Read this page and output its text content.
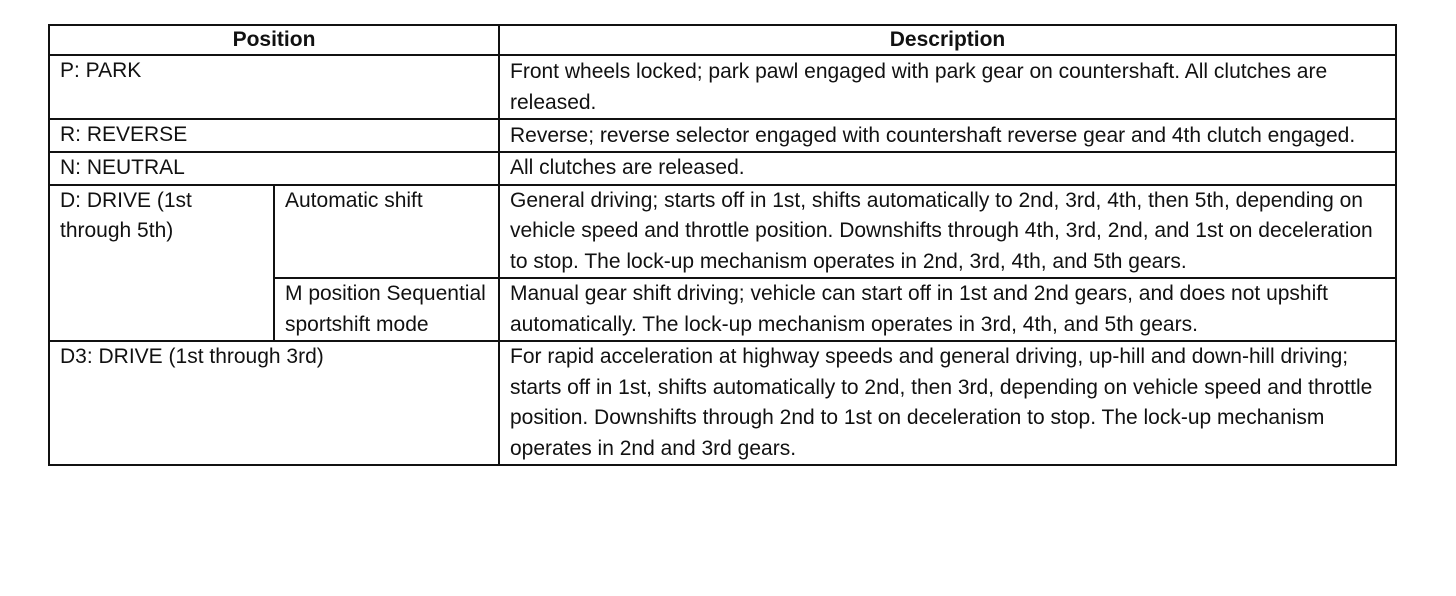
Position		Description
P: PARK		Front wheels locked; park pawl engaged with park gear on countershaft. All clutches are released.
R: REVERSE		Reverse; reverse selector engaged with countershaft reverse gear and 4th clutch engaged.
N: NEUTRAL		All clutches are released.
D: DRIVE (1st through 5th)	Automatic shift	General driving; starts off in 1st, shifts automatically to 2nd, 3rd, 4th, then 5th, depending on vehicle speed and throttle position. Downshifts through 4th, 3rd, 2nd, and 1st on deceleration to stop. The lock-up mechanism operates in 2nd, 3rd, 4th, and 5th gears.
	M position Sequential sportshift mode	Manual gear shift driving; vehicle can start off in 1st and 2nd gears, and does not upshift automatically. The lock-up mechanism operates in 3rd, 4th, and 5th gears.
D3: DRIVE (1st through 3rd)		For rapid acceleration at highway speeds and general driving, up-hill and down-hill driving; starts off in 1st, shifts automatically to 2nd, then 3rd, depending on vehicle speed and throttle position. Downshifts through 2nd to 1st on deceleration to stop. The lock-up mechanism operates in 2nd and 3rd gears.
